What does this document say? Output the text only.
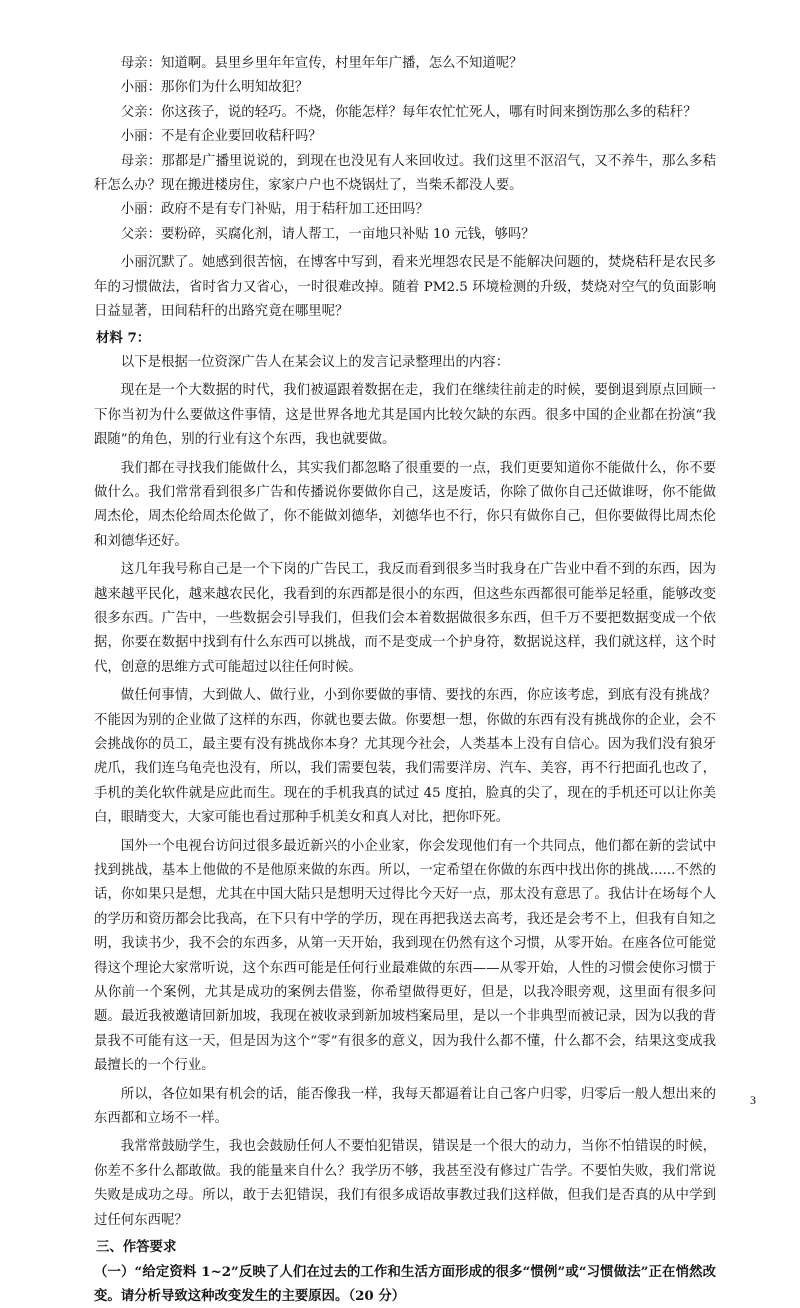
母亲：知道啊。县里乡里年年宣传，村里年年广播，怎么不知道呢？

小丽：那你们为什么明知故犯？

父亲：你这孩子，说的轻巧。不烧，你能怎样？每年农忙忙死人，哪有时间来捯饬那么多的秸秆？

小丽：不是有企业要回收秸秆吗？

母亲：那都是广播里说说的，到现在也没见有人来回收过。我们这里不沤沼气，又不养牛，那么多秸秆怎么办？现在搬进楼房住，家家户户也不烧锅灶了，当柴禾都没人要。

小丽：政府不是有专门补贴，用于秸秆加工还田吗？

父亲：要粉碎，买腐化剂，请人帮工，一亩地只补贴 10 元钱，够吗？

小丽沉默了。她感到很苦恼，在博客中写到，看来光埋怨农民是不能解决问题的，焚烧秸秆是农民多年的习惯做法，省时省力又省心，一时很难改掉。随着 PM2.5 环境检测的升级，焚烧对空气的负面影响日益显著，田间秸秆的出路究竟在哪里呢？

材料 7：

以下是根据一位资深广告人在某会议上的发言记录整理出的内容：

现在是一个大数据的时代，我们被逼跟着数据在走，我们在继续往前走的时候，要倒退到原点回顾一下你当初为什么要做这件事情，这是世界各地尤其是国内比较欠缺的东西。很多中国的企业都在扮演“我跟随”的角色，别的行业有这个东西，我也就要做。

我们都在寻找我们能做什么，其实我们都忽略了很重要的一点，我们更要知道你不能做什么，你不要做什么。我们常常看到很多广告和传播说你要做你自己，这是废话，你除了做你自己还做谁呀，你不能做周杰伦，周杰伦给周杰伦做了，你不能做刘德华，刘德华也不行，你只有做你自己，但你要做得比周杰伦和刘德华还好。

这几年我号称自己是一个下岗的广告民工，我反而看到很多当时我身在广告业中看不到的东西，因为越来越平民化，越来越农民化，我看到的东西都是很小的东西，但这些东西都很可能举足轻重，能够改变很多东西。广告中，一些数据会引导我们，但我们会本着数据做很多东西，但千万不要把数据变成一个依据，你要在数据中找到有什么东西可以挑战，而不是变成一个护身符，数据说这样，我们就这样，这个时代，创意的思维方式可能超过以往任何时候。

做任何事情，大到做人、做行业，小到你要做的事情、要找的东西，你应该考虑，到底有没有挑战？不能因为别的企业做了这样的东西，你就也要去做。你要想一想，你做的东西有没有挑战你的企业，会不会挑战你的员工，最主要有没有挑战你本身？尤其现今社会，人类基本上没有自信心。因为我们没有狼牙虎爪，我们连乌龟壳也没有，所以，我们需要包装，我们需要洋房、汽车、美容，再不行把面孔也改了，手机的美化软件就是应此而生。现在的手机我真的试过 45 度拍，脸真的尖了，现在的手机还可以让你美白，眼睛变大，大家可能也看过那种手机美女和真人对比，把你吓死。

国外一个电视台访问过很多最近新兴的小企业家，你会发现他们有一个共同点，他们都在新的尝试中找到挑战，基本上他做的不是他原来做的东西。所以，一定希望在你做的东西中找出你的挑战......不然的话，你如果只是想，尤其在中国大陆只是想明天过得比今天好一点，那太没有意思了。我估计在场每个人的学历和资历都会比我高，在下只有中学的学历，现在再把我送去高考，我还是会考不上，但我有自知之明，我读书少，我不会的东西多，从第一天开始，我到现在仍然有这个习惯，从零开始。在座各位可能觉得这个理论大家常听说，这个东西可能是任何行业最难做的东西——从零开始，人性的习惯会使你习惯于从你前一个案例，尤其是成功的案例去借鉴，你希望做得更好，但是，以我冷眼旁观，这里面有很多问题。最近我被邀请回新加坡，我现在被收录到新加坡档案局里，是以一个非典型而被记录，因为以我的背景我不可能有这一天，但是因为这个“零”有很多的意义，因为我什么都不懂，什么都不会，结果这变成我最擅长的一个行业。

所以，各位如果有机会的话，能否像我一样，我每天都逼着让自己客户归零，归零后一般人想出来的东西都和立场不一样。

我常常鼓励学生，我也会鼓励任何人不要怕犯错误，错误是一个很大的动力，当你不怕错误的时候，你差不多什么都敢做。我的能量来自什么？我学历不够，我甚至没有修过广告学。不要怕失败，我们常说失败是成功之母。所以，敢于去犯错误，我们有很多成语故事教过我们这样做，但我们是否真的从中学到过任何东西呢？

三、作答要求

（一）“给定资料 1~2”反映了人们在过去的工作和生活方面形成的很多“惯例”或“习惯做法”正在悄然改变。请分析导致这种改变发生的主要原因。（20 分）

3
